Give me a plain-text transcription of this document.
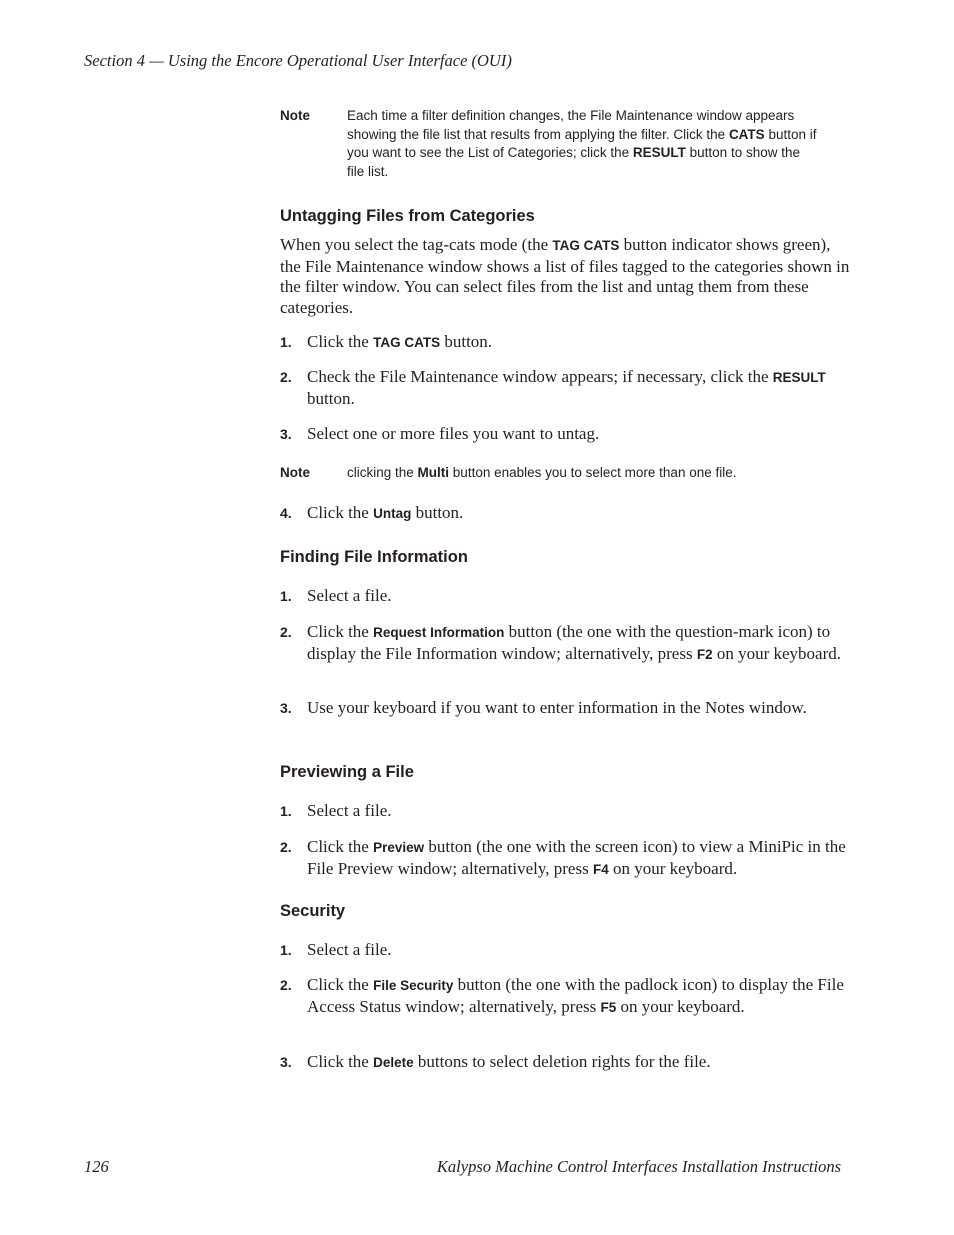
Section 4 — Using the Encore Operational User Interface (OUI)
Note	Each time a filter definition changes, the File Maintenance window appears showing the file list that results from applying the filter. Click the CATS button if you want to see the List of Categories; click the RESULT button to show the file list.
Untagging Files from Categories
When you select the tag-cats mode (the TAG CATS button indicator shows green), the File Maintenance window shows a list of files tagged to the categories shown in the filter window. You can select files from the list and untag them from these categories.
1. Click the TAG CATS button.
2. Check the File Maintenance window appears; if necessary, click the RESULT button.
3. Select one or more files you want to untag.
Note	clicking the Multi button enables you to select more than one file.
4. Click the Untag button.
Finding File Information
1. Select a file.
2. Click the Request Information button (the one with the question-mark icon) to display the File Information window; alternatively, press F2 on your keyboard.
3. Use your keyboard if you want to enter information in the Notes window.
Previewing a File
1. Select a file.
2. Click the Preview button (the one with the screen icon) to view a MiniPic in the File Preview window; alternatively, press F4 on your keyboard.
Security
1. Select a file.
2. Click the File Security button (the one with the padlock icon) to display the File Access Status window; alternatively, press F5 on your keyboard.
3. Click the Delete buttons to select deletion rights for the file.
126	Kalypso Machine Control Interfaces Installation Instructions
